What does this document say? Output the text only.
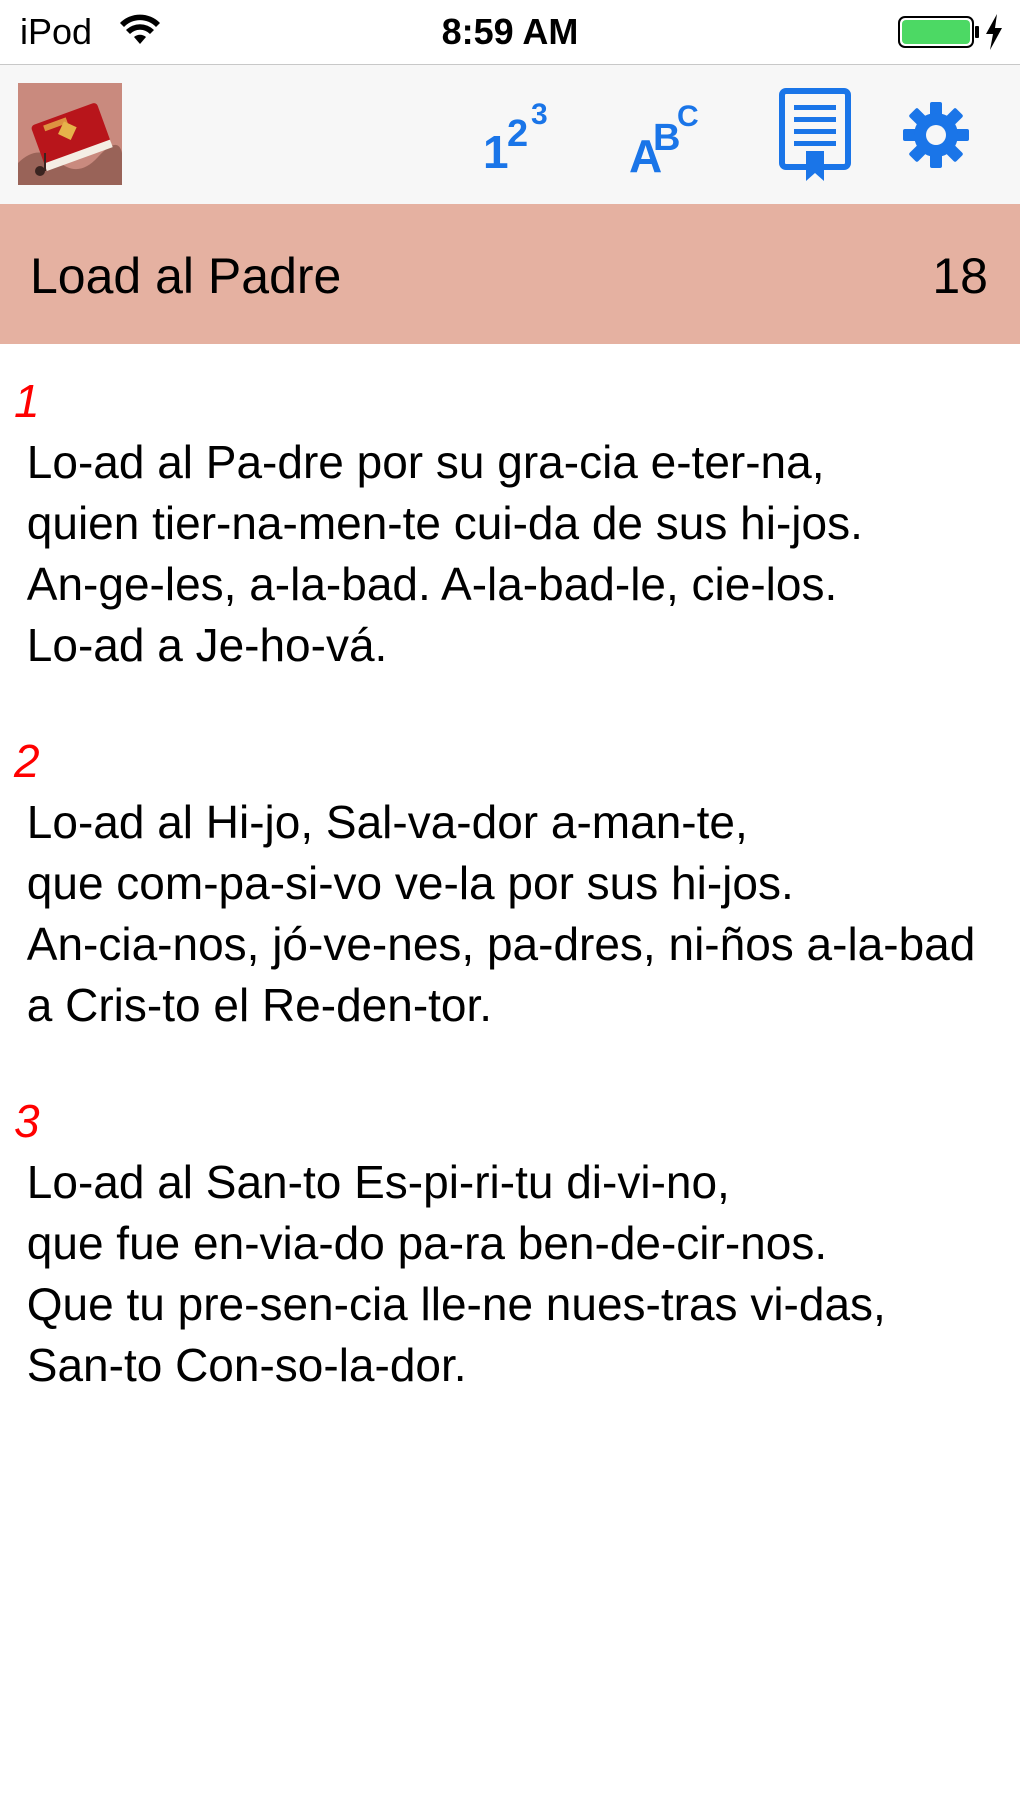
iPod	8:59 AM
1
2 3
A
B
C
Load al Padre	18
1
Lo-ad al Pa-dre por su gra-cia e-ter-na,
quien tier-na-men-te cui-da de sus hi-jos.
An-ge-les, a-la-bad. A-la-bad-le, cie-los.
Lo-ad a Je-ho-vá.
2
Lo-ad al Hi-jo, Sal-va-dor a-man-te,
que com-pa-si-vo ve-la por sus hi-jos.
An-cia-nos, jó-ve-nes, pa-dres, ni-ños a-la-bad
a Cris-to el Re-den-tor.
3
Lo-ad al San-to Es-pi-ri-tu di-vi-no,
que fue en-via-do pa-ra ben-de-cir-nos.
Que tu pre-sen-cia lle-ne nues-tras vi-das,
San-to Con-so-la-dor.
